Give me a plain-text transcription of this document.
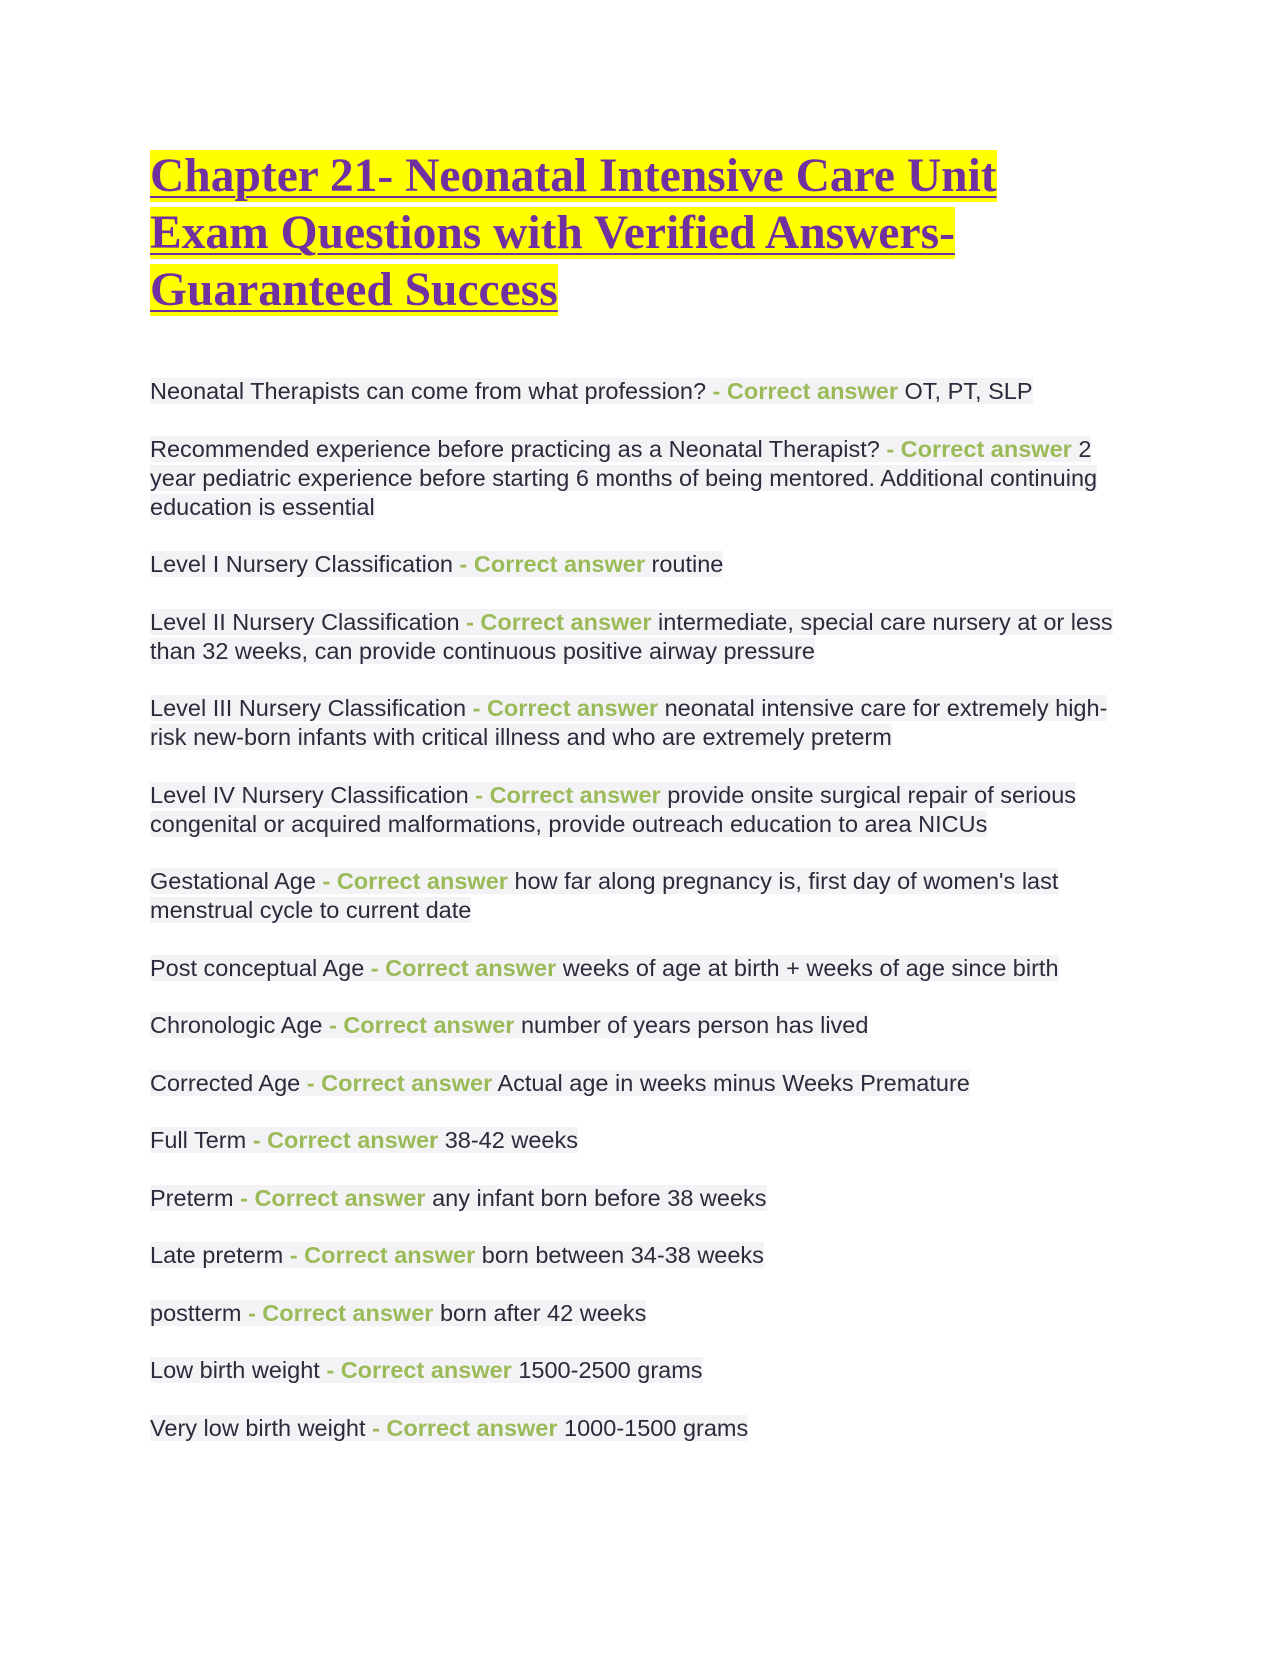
Chapter 21- Neonatal Intensive Care Unit
Exam Questions with Verified Answers-
Guaranteed Success

Neonatal Therapists can come from what profession? - Correct answer OT, PT, SLP

Recommended experience before practicing as a Neonatal Therapist? - Correct answer 2 year pediatric experience before starting 6 months of being mentored. Additional continuing education is essential

Level I Nursery Classification - Correct answer routine

Level II Nursery Classification - Correct answer intermediate, special care nursery at or less than 32 weeks, can provide continuous positive airway pressure

Level III Nursery Classification - Correct answer neonatal intensive care for extremely high-risk new-born infants with critical illness and who are extremely preterm

Level IV Nursery Classification - Correct answer provide onsite surgical repair of serious congenital or acquired malformations, provide outreach education to area NICUs

Gestational Age - Correct answer how far along pregnancy is, first day of women's last menstrual cycle to current date

Post conceptual Age - Correct answer weeks of age at birth + weeks of age since birth

Chronologic Age - Correct answer number of years person has lived

Corrected Age - Correct answer Actual age in weeks minus Weeks Premature

Full Term - Correct answer 38-42 weeks

Preterm - Correct answer any infant born before 38 weeks

Late preterm - Correct answer born between 34-38 weeks

postterm - Correct answer born after 42 weeks

Low birth weight - Correct answer 1500-2500 grams

Very low birth weight - Correct answer 1000-1500 grams
